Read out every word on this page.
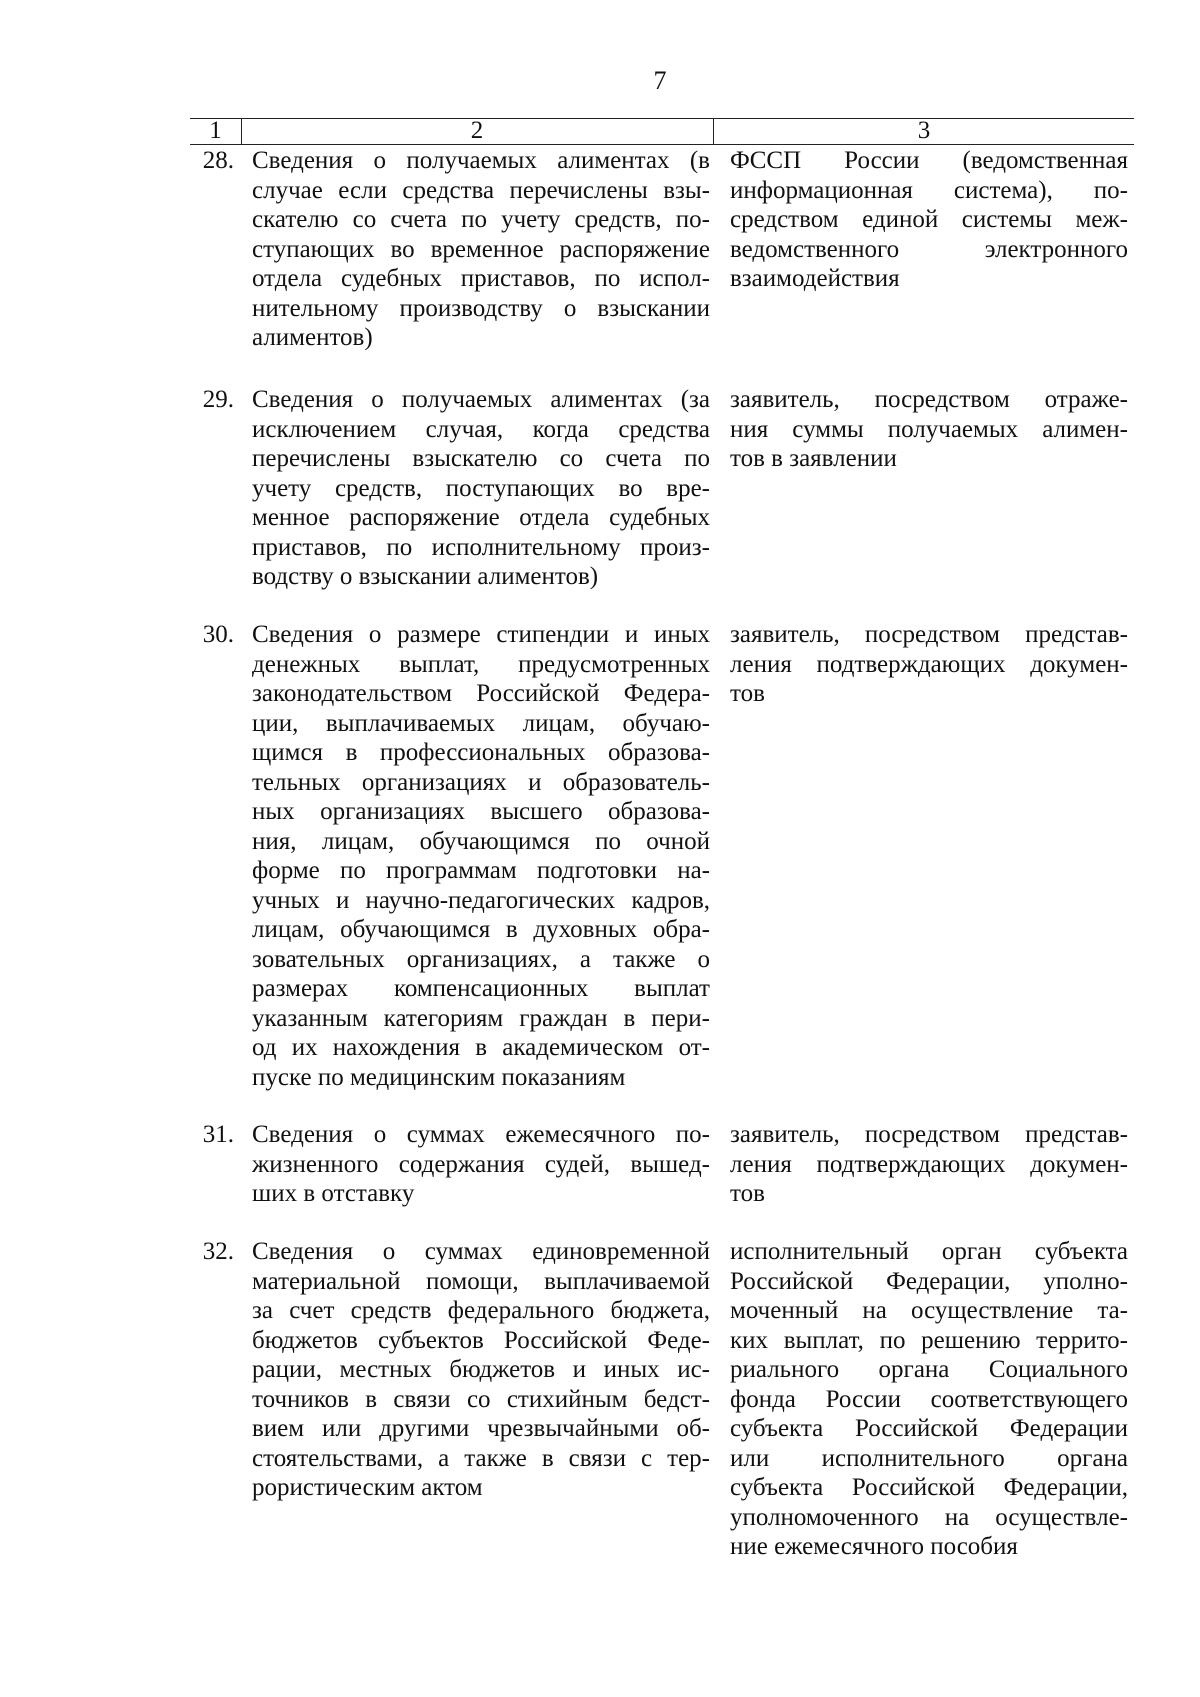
7
1	2	3
28. Сведения о получаемых алиментах (в
случае если средства перечислены взы-
скателю со счета по учету средств, по-
ступающих во временное распоряжение
отдела судебных приставов, по испол-
нительному производству о взыскании
алиментов)
ФССП России (ведомственная
информационная система), по-
средством единой системы меж-
ведомственного электронного
взаимодействия
29. Сведения о получаемых алиментах (за
исключением случая, когда средства
перечислены взыскателю со счета по
учету средств, поступающих во вре-
менное распоряжение отдела судебных
приставов, по исполнительному произ-
водству о взыскании алиментов)
заявитель, посредством отраже-
ния суммы получаемых алимен-
тов в заявлении
30. Сведения о размере стипендии и иных
денежных выплат, предусмотренных
законодательством Российской Федера-
ции, выплачиваемых лицам, обучаю-
щимся в профессиональных образова-
тельных организациях и образователь-
ных организациях высшего образова-
ния, лицам, обучающимся по очной
форме по программам подготовки на-
учных и научно-педагогических кадров,
лицам, обучающимся в духовных обра-
зовательных организациях, а также о
размерах компенсационных выплат
указанным категориям граждан в пери-
од их нахождения в академическом от-
пуске по медицинским показаниям
заявитель, посредством представ-
ления подтверждающих докумен-
тов
31. Сведения о суммах ежемесячного по-
жизненного содержания судей, вышед-
ших в отставку
заявитель, посредством представ-
ления подтверждающих докумен-
тов
32. Сведения о суммах единовременной
материальной помощи, выплачиваемой
за счет средств федерального бюджета,
бюджетов субъектов Российской Феде-
рации, местных бюджетов и иных ис-
точников в связи со стихийным бедст-
вием или другими чрезвычайными об-
стоятельствами, а также в связи с тер-
рористическим актом
исполнительный орган субъекта
Российской Федерации, уполно-
моченный на осуществление та-
ких выплат, по решению террито-
риального органа Социального
фонда России соответствующего
субъекта Российской Федерации
или исполнительного органа
субъекта Российской Федерации,
уполномоченного на осуществле-
ние ежемесячного пособия
